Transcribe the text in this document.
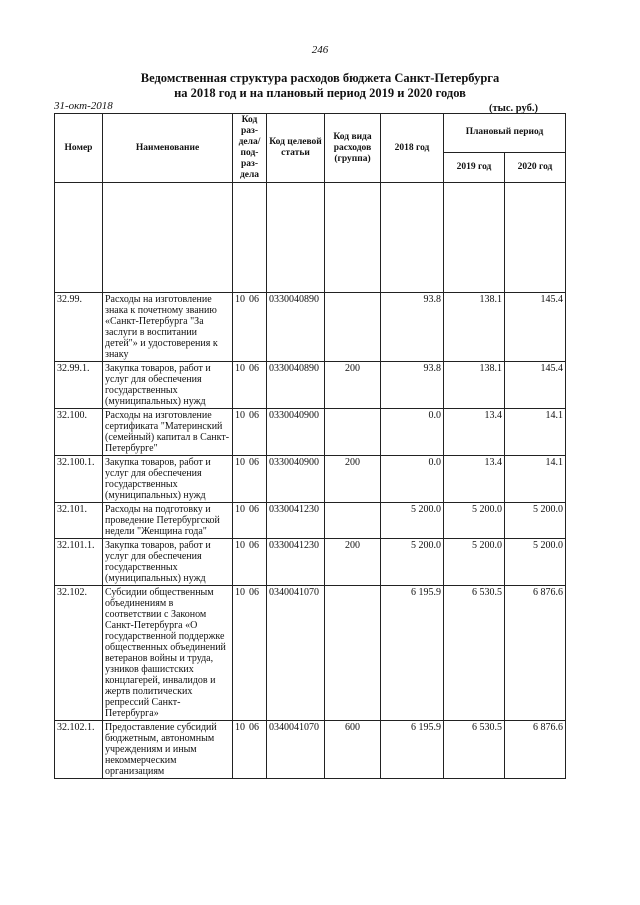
246
Ведомственная структура расходов бюджета Санкт-Петербурга
на 2018 год и на плановый период 2019 и 2020 годов
31-окт-2018	(тыс. руб.)
Номер	Наименование	Код раз-дела/ под-раз-дела	Код целевой статьи	Код вида расходов (группа)	2018 год	Плановый период	
						2019 год	2020 год

32.99.	Расходы на изготовление знака к почетному званию «Санкт-Петербурга "За заслуги в воспитании детей"» и удостоверения к знаку	10 06	0330040890		93.8	138.1	145.4
32.99.1.	Закупка товаров, работ и услуг для обеспечения государственных (муниципальных) нужд	10 06	0330040890	200	93.8	138.1	145.4
32.100.	Расходы на изготовление сертификата "Материнский (семейный) капитал в Санкт-Петербурге"	10 06	0330040900		0.0	13.4	14.1
32.100.1.	Закупка товаров, работ и услуг для обеспечения государственных (муниципальных) нужд	10 06	0330040900	200	0.0	13.4	14.1
32.101.	Расходы на подготовку и проведение Петербургской недели "Женщина года"	10 06	0330041230		5 200.0	5 200.0	5 200.0
32.101.1.	Закупка товаров, работ и услуг для обеспечения государственных (муниципальных) нужд	10 06	0330041230	200	5 200.0	5 200.0	5 200.0
32.102.	Субсидии общественным объединениям в соответствии с Законом Санкт-Петербурга «О государственной поддержке общественных объединений ветеранов войны и труда, узников фашистских концлагерей, инвалидов и жертв политических репрессий Санкт-Петербурга»	10 06	0340041070		6 195.9	6 530.5	6 876.6
32.102.1.	Предоставление субсидий бюджетным, автономным учреждениям и иным некоммерческим организациям	10 06	0340041070	600	6 195.9	6 530.5	6 876.6
